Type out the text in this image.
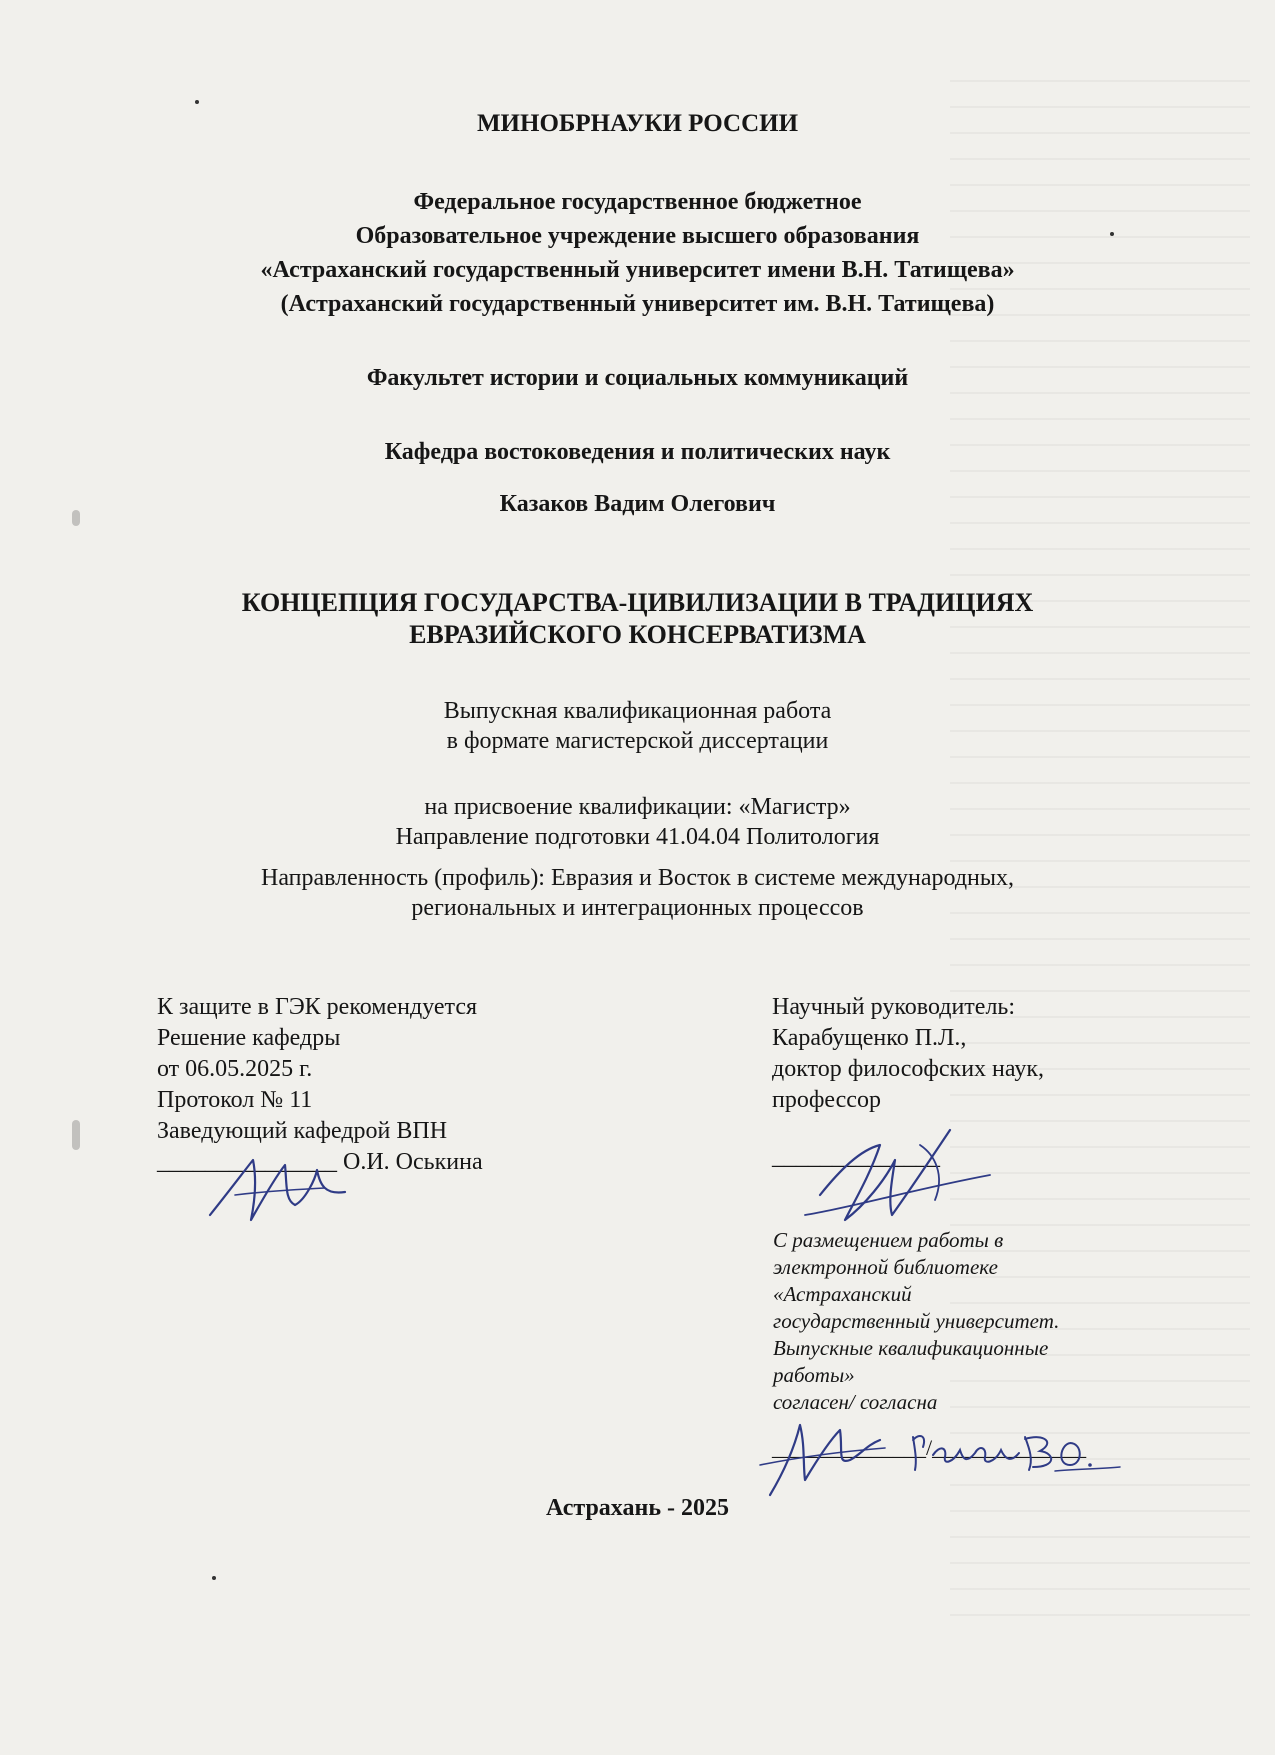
МИНОБРНАУКИ РОССИИ
Федеральное государственное бюджетное
Образовательное учреждение высшего образования
«Астраханский государственный университет имени В.Н. Татищева»
(Астраханский государственный университет им. В.Н. Татищева)
Факультет истории и социальных коммуникаций
Кафедра востоковедения и политических наук
Казаков Вадим Олегович
КОНЦЕПЦИЯ ГОСУДАРСТВА-ЦИВИЛИЗАЦИИ В ТРАДИЦИЯХ
ЕВРАЗИЙСКОГО КОНСЕРВАТИЗМА
Выпускная квалификационная работа
в формате магистерской диссертации
на присвоение квалификации: «Магистр»
Направление подготовки 41.04.04 Политология
Направленность (профиль): Евразия и Восток в системе международных,
региональных и интеграционных процессов
К защите в ГЭК рекомендуется
Решение кафедры
от 06.05.2025 г.
Протокол № 11
Заведующий кафедрой ВПН
_______________ О.И. Оськина
Научный руководитель:
Карабущенко П.Л.,
доктор философских наук,
профессор
______________
С размещением работы в
электронной библиотеке
«Астраханский
государственный университет.
Выпускные квалификационные
работы»
согласен/ согласна
______________/______________
Астрахань - 2025
